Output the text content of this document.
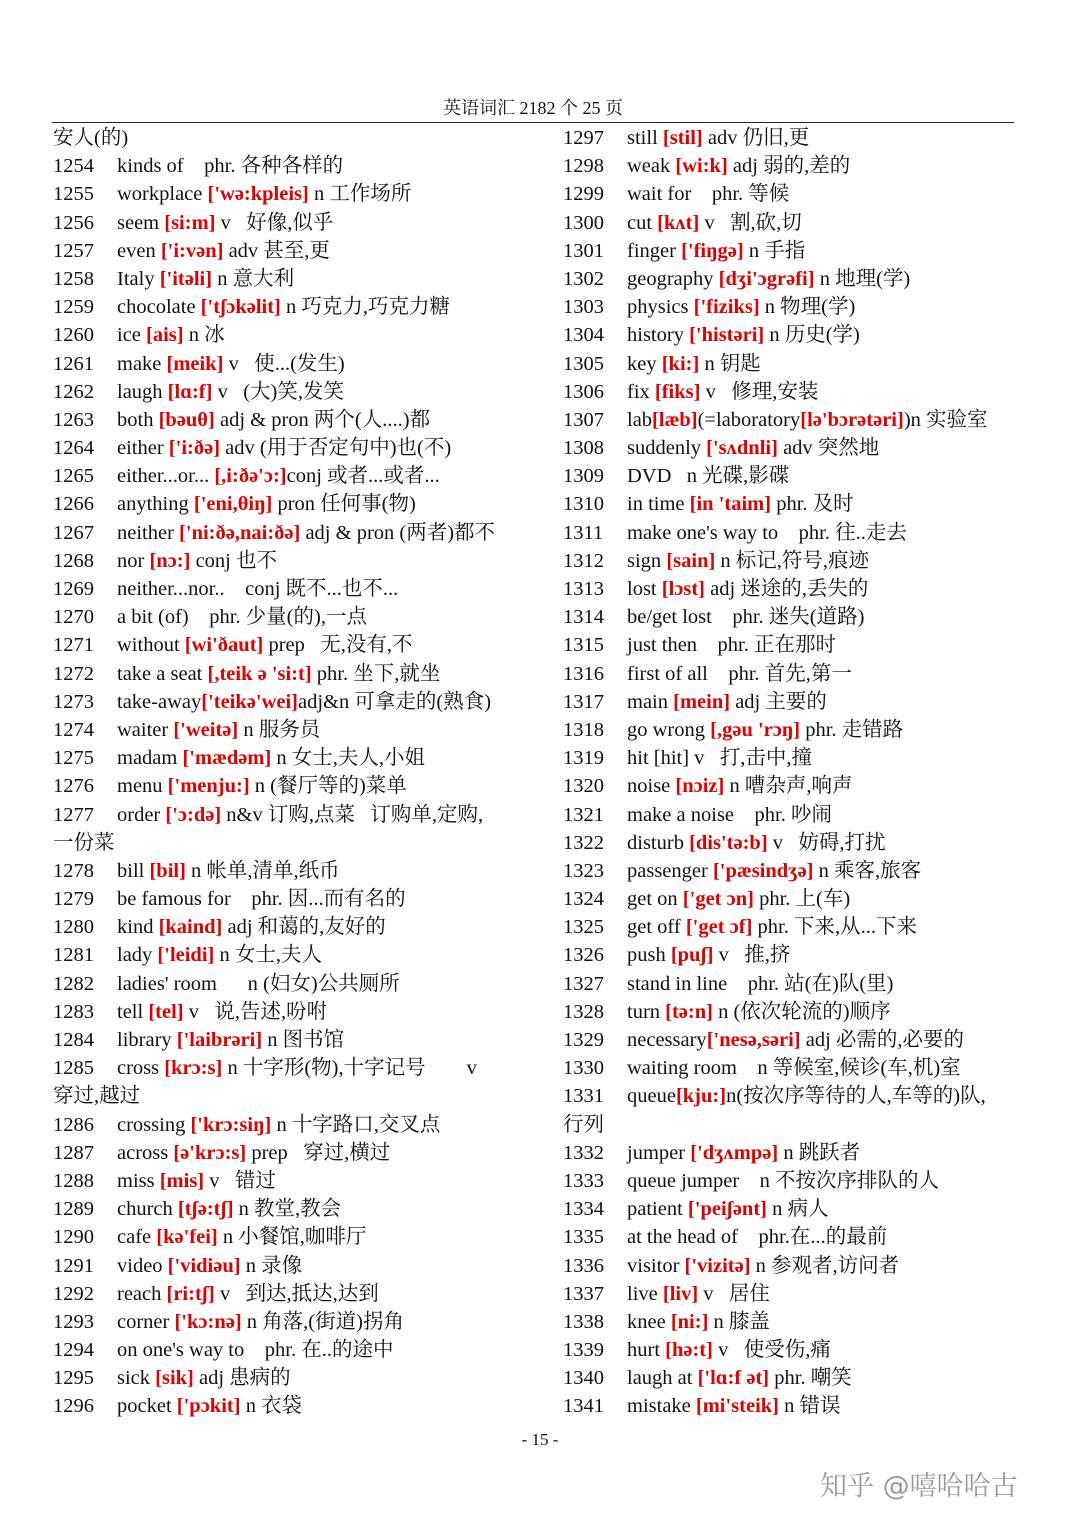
英语词汇 2182 个 25 页
安人(的)
1254 kinds of    phr. 各种各样的
1255 workplace ['wə:kpleis] n 工作场所
1256 seem [si:m] v   好像,似乎
1257 even ['i:vən] adv 甚至,更
1258 Italy ['itəli] n 意大利
1259 chocolate ['tʃɔkəlit] n 巧克力,巧克力糖
1260 ice [ais] n 冰
1261 make [meik] v   使...(发生)
1262 laugh [lɑ:f] v   (大)笑,发笑
1263 both [bəuθ] adj & pron 两个(人....)都
1264 either ['i:ðə] adv (用于否定句中)也(不)
1265 either...or... [,i:ðə'ɔ:]conj 或者...或者...
1266 anything ['eni,θiŋ] pron 任何事(物)
1267 neither ['ni:ðə,nai:ðə] adj & pron (两者)都不
1268 nor [nɔ:] conj 也不
1269 neither...nor..    conj 既不...也不...
1270 a bit (of)    phr. 少量(的),一点
1271 without [wi'ðaut] prep   无,没有,不
1272 take a seat [,teik ə 'si:t] phr. 坐下,就坐
1273 take-away['teikə'wei]adj&n 可拿走的(熟食)
1274 waiter ['weitə] n 服务员
1275 madam ['mædəm] n 女士,夫人,小姐
1276 menu ['menju:] n (餐厅等的)菜单
1277 order ['ɔ:də] n&v 订购,点菜   订购单,定购,
一份菜
1278 bill [bil] n 帐单,清单,纸币
1279 be famous for    phr. 因...而有名的
1280 kind [kaind] adj 和蔼的,友好的
1281 lady ['leidi] n 女士,夫人
1282 ladies' room      n (妇女)公共厕所
1283 tell [tel] v   说,告述,吩咐
1284 library ['laibrəri] n 图书馆
1285 cross [krɔ:s] n 十字形(物),十字记号        v
穿过,越过
1286 crossing ['krɔ:siŋ] n 十字路口,交叉点
1287 across [ə'krɔ:s] prep   穿过,横过
1288 miss [mis] v   错过
1289 church [tʃə:tʃ] n 教堂,教会
1290 cafe [kə'fei] n 小餐馆,咖啡厅
1291 video ['vidiəu] n 录像
1292 reach [ri:tʃ] v   到达,抵达,达到
1293 corner ['kɔ:nə] n 角落,(街道)拐角
1294 on one's way to    phr. 在..的途中
1295 sick [sik] adj 患病的
1296 pocket ['pɔkit] n 衣袋
1297 still [stil] adv 仍旧,更
1298 weak [wi:k] adj 弱的,差的
1299 wait for    phr. 等候
1300 cut [kʌt] v   割,砍,切
1301 finger ['fiŋgə] n 手指
1302 geography [dʒi'ɔgrəfi] n 地理(学)
1303 physics ['fiziks] n 物理(学)
1304 history ['histəri] n 历史(学)
1305 key [ki:] n 钥匙
1306 fix [fiks] v   修理,安装
1307 lab[læb](=laboratory[lə'bɔrətəri])n 实验室
1308 suddenly ['sʌdnli] adv 突然地
1309 DVD   n 光碟,影碟
1310 in time [in 'taim] phr. 及时
1311 make one's way to    phr. 往..走去
1312 sign [sain] n 标记,符号,痕迹
1313 lost [lɔst] adj 迷途的,丢失的
1314 be/get lost    phr. 迷失(道路)
1315 just then    phr. 正在那时
1316 first of all    phr. 首先,第一
1317 main [mein] adj 主要的
1318 go wrong [,gəu 'rɔŋ] phr. 走错路
1319 hit [hit] v   打,击中,撞
1320 noise [nɔiz] n 嘈杂声,响声
1321 make a noise    phr. 吵闹
1322 disturb [dis'tə:b] v   妨碍,打扰
1323 passenger ['pæsindʒə] n 乘客,旅客
1324 get on ['get ɔn] phr. 上(车)
1325 get off ['get ɔf] phr. 下来,从...下来
1326 push [puʃ] v   推,挤
1327 stand in line    phr. 站(在)队(里)
1328 turn [tə:n] n (依次轮流的)顺序
1329 necessary['nesə,səri] adj 必需的,必要的
1330 waiting room    n 等候室,候诊(车,机)室
1331 queue[kju:]n(按次序等待的人,车等的)队,
行列
1332 jumper ['dʒʌmpə] n 跳跃者
1333 queue jumper    n 不按次序排队的人
1334 patient ['peiʃənt] n 病人
1335 at the head of    phr.在...的最前
1336 visitor ['vizitə] n 参观者,访问者
1337 live [liv] v   居住
1338 knee [ni:] n 膝盖
1339 hurt [hə:t] v   使受伤,痛
1340 laugh at ['lɑ:f ət] phr. 嘲笑
1341 mistake [mi'steik] n 错误
- 15 -
知乎 @嘻哈哈古
